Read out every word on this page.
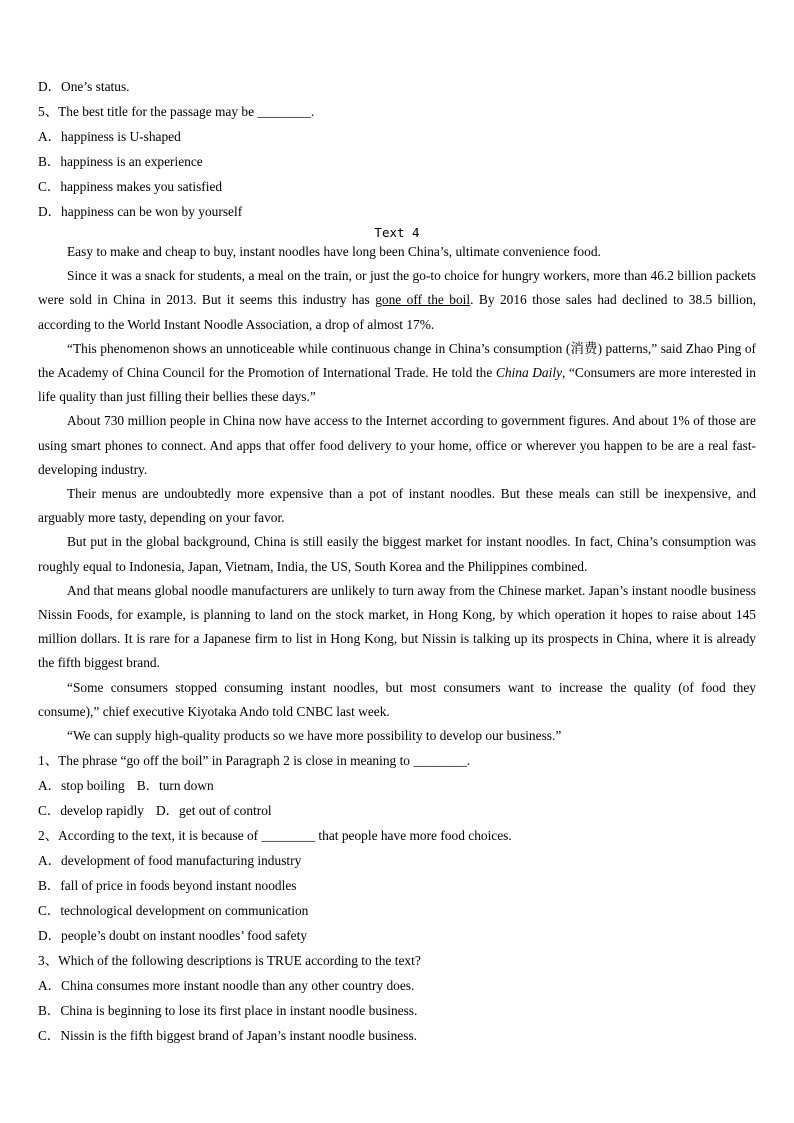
D．One’s status.
5、The best title for the passage may be ________.
A．happiness is U-shaped
B．happiness is an experience
C．happiness makes you satisfied
D．happiness can be won by yourself
Text 4

Easy to make and cheap to buy, instant noodles have long been China’s, ultimate convenience food.

Since it was a snack for students, a meal on the train, or just the go-to choice for hungry workers, more than 46.2 billion packets were sold in China in 2013. But it seems this industry has gone off the boil. By 2016 those sales had declined to 38.5 billion, according to the World Instant Noodle Association, a drop of almost 17%.

“This phenomenon shows an unnoticeable while continuous change in China’s consumption (消费) patterns,” said Zhao Ping of the Academy of China Council for the Promotion of International Trade. He told the China Daily, “Consumers are more interested in life quality than just filling their bellies these days.”

About 730 million people in China now have access to the Internet according to government figures. And about 1% of those are using smart phones to connect. And apps that offer food delivery to your home, office or wherever you happen to be are a real fast-developing industry.

Their menus are undoubtedly more expensive than a pot of instant noodles. But these meals can still be inexpensive, and arguably more tasty, depending on your favor.

But put in the global background, China is still easily the biggest market for instant noodles. In fact, China’s consumption was roughly equal to Indonesia, Japan, Vietnam, India, the US, South Korea and the Philippines combined.

And that means global noodle manufacturers are unlikely to turn away from the Chinese market. Japan’s instant noodle business Nissin Foods, for example, is planning to land on the stock market, in Hong Kong, by which operation it hopes to raise about 145 million dollars. It is rare for a Japanese firm to list in Hong Kong, but Nissin is talking up its prospects in China, where it is already the fifth biggest brand.

“Some consumers stopped consuming instant noodles, but most consumers want to increase the quality (of food they consume),” chief executive Kiyotaka Ando told CNBC last week.

“We can supply high-quality products so we have more possibility to develop our business.”

1、The phrase “go off the boil” in Paragraph 2 is close in meaning to ________.
A．stop boiling B．turn down
C．develop rapidly D．get out of control
2、According to the text, it is because of ________ that people have more food choices.
A．development of food manufacturing industry
B．fall of price in foods beyond instant noodles
C．technological development on communication
D．people’s doubt on instant noodles’ food safety
3、Which of the following descriptions is TRUE according to the text?
A．China consumes more instant noodle than any other country does.
B．China is beginning to lose its first place in instant noodle business.
C．Nissin is the fifth biggest brand of Japan’s instant noodle business.
